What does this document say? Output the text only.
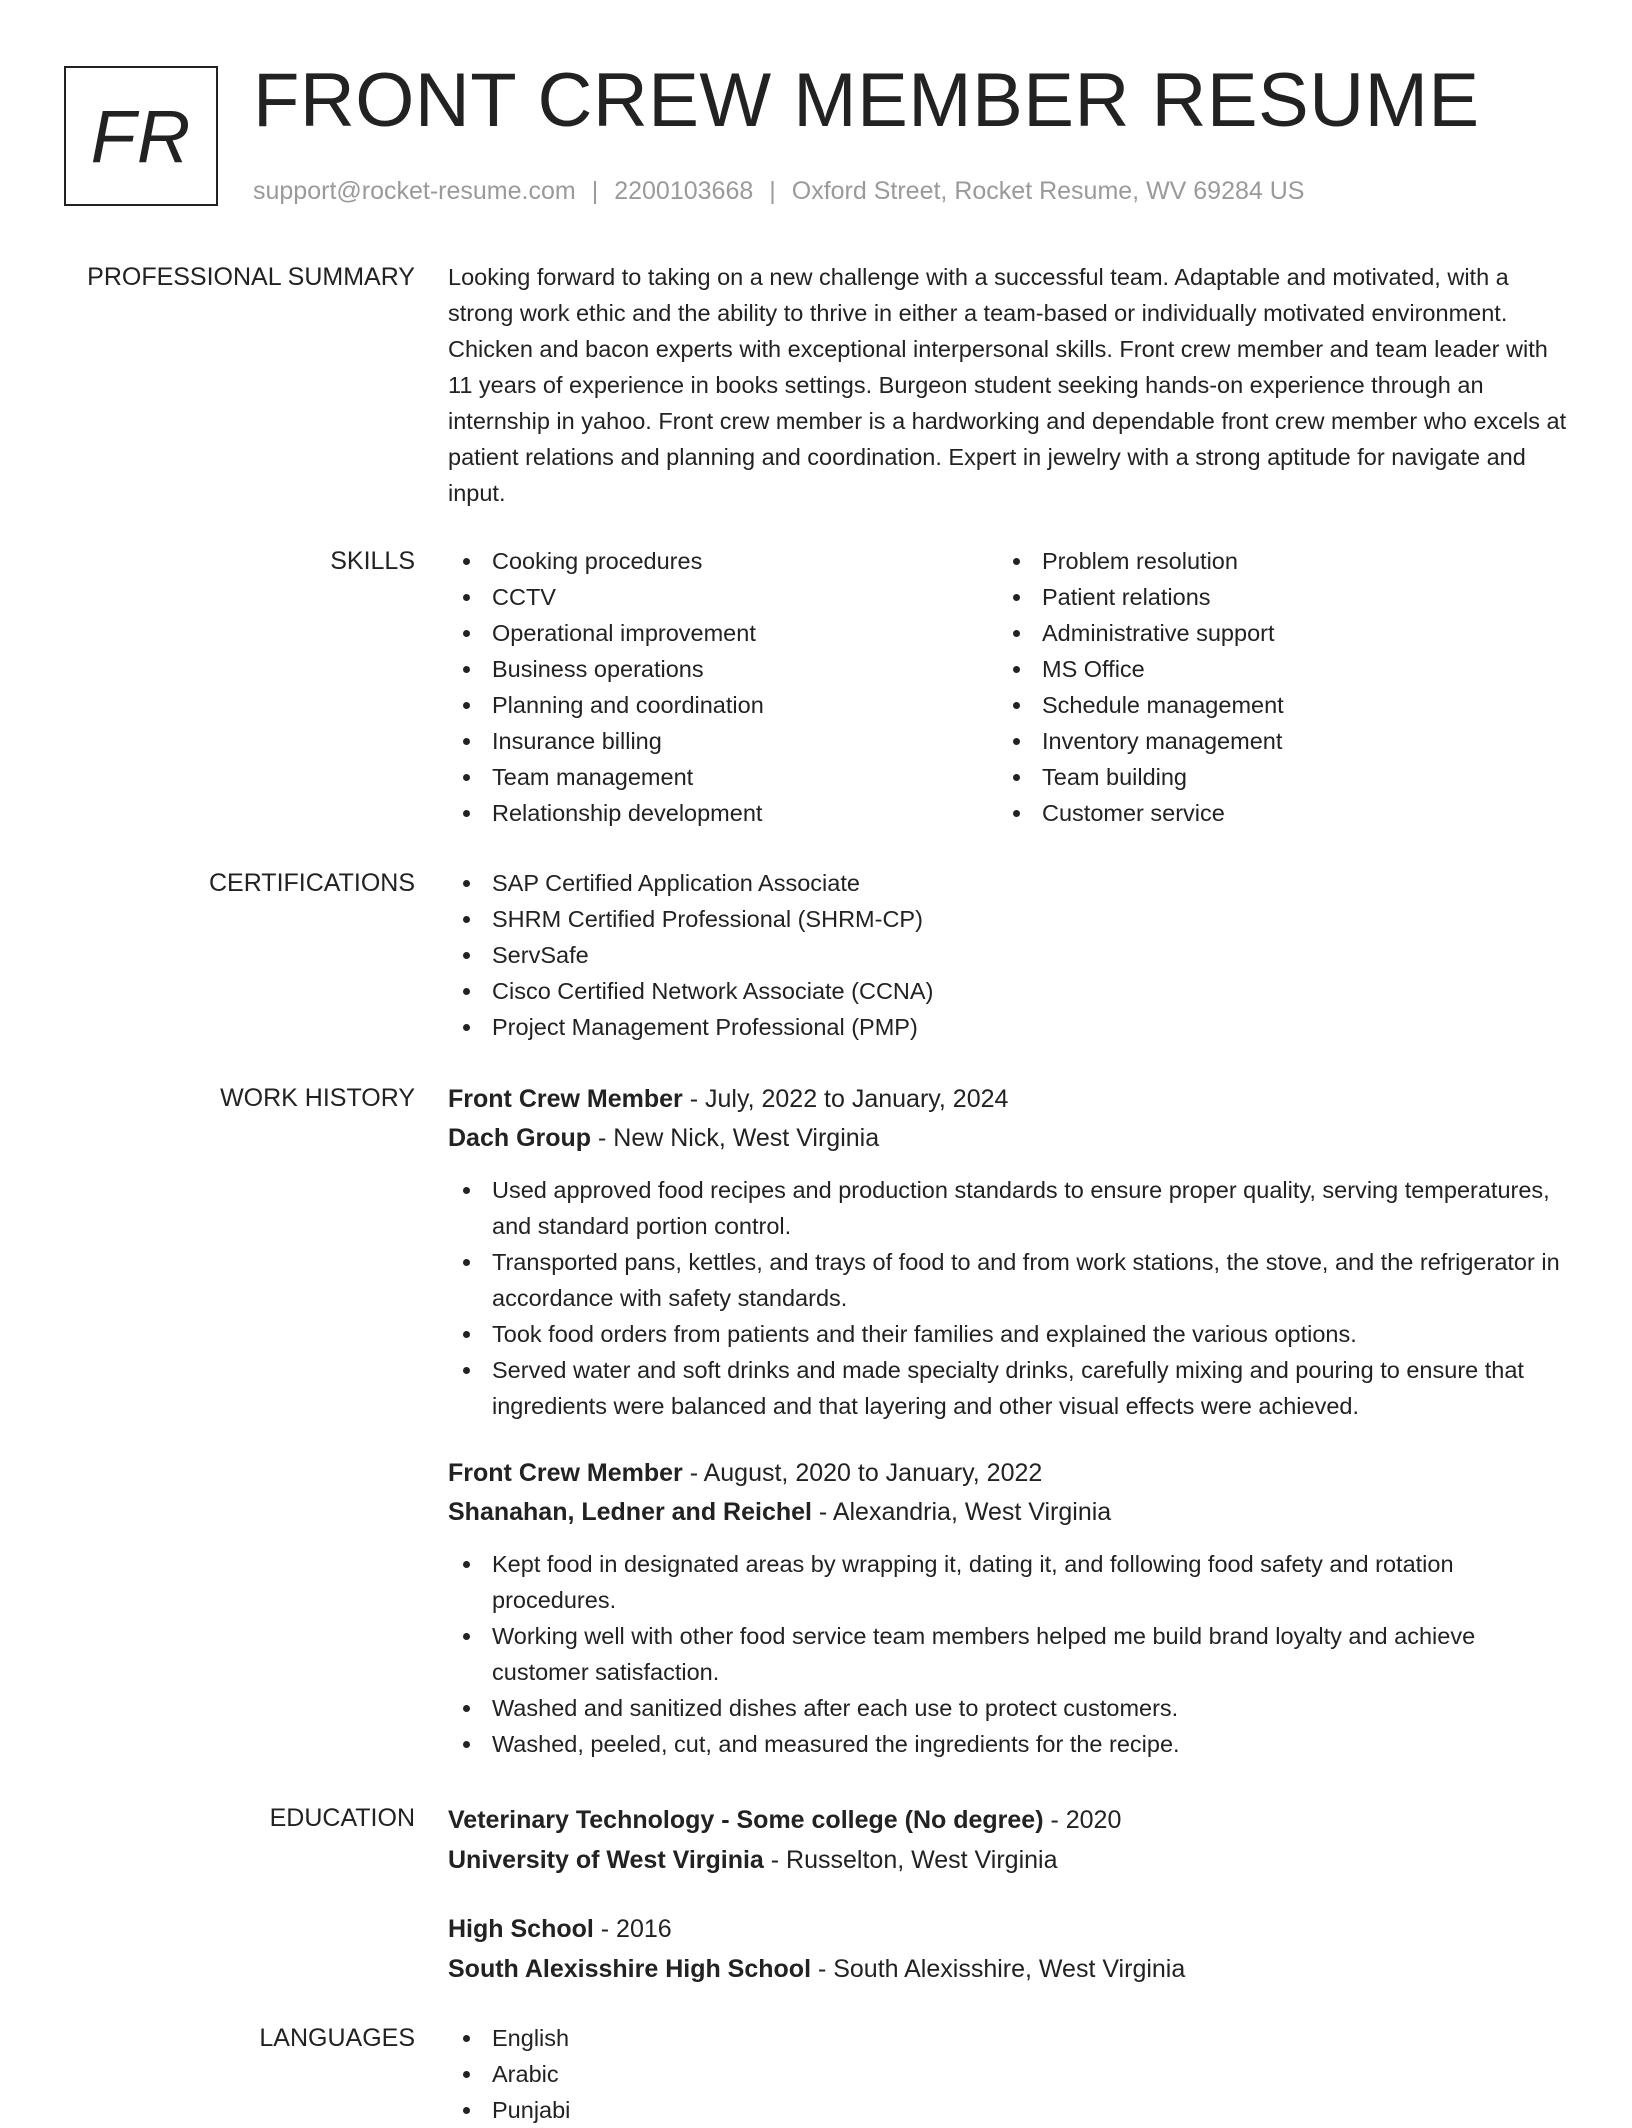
FR FRONT CREW MEMBER RESUME
support@rocket-resume.com | 2200103668 | Oxford Street, Rocket Resume, WV 69284 US
PROFESSIONAL SUMMARY Looking forward to taking on a new challenge with a successful team. Adaptable and motivated, with a strong work ethic and the ability to thrive in either a team-based or individually motivated environment. Chicken and bacon experts with exceptional interpersonal skills. Front crew member and team leader with 11 years of experience in books settings. Burgeon student seeking hands-on experience through an internship in yahoo. Front crew member is a hardworking and dependable front crew member who excels at patient relations and planning and coordination. Expert in jewelry with a strong aptitude for navigate and input.

SKILLS	Cooking procedures
CCTV
Operational improvement
Business operations
Planning and coordination
Insurance billing
Team management
Relationship development
Problem resolution
Patient relations
Administrative support
MS Office
Schedule management
Inventory management
Team building
Customer service
CERTIFICATIONS	SAP Certified Application Associate
SHRM Certified Professional (SHRM-CP)
ServSafe
Cisco Certified Network Associate (CCNA)
Project Management Professional (PMP)
WORK HISTORY Front Crew Member - July, 2022 to January, 2024
Dach Group - New Nick, West Virginia
Used approved food recipes and production standards to ensure proper quality, serving temperatures, and standard portion control.
Transported pans, kettles, and trays of food to and from work stations, the stove, and the refrigerator in accordance with safety standards.
Took food orders from patients and their families and explained the various options.
Served water and soft drinks and made specialty drinks, carefully mixing and pouring to ensure that ingredients were balanced and that layering and other visual effects were achieved.
Front Crew Member - August, 2020 to January, 2022
Shanahan, Ledner and Reichel - Alexandria, West Virginia
Kept food in designated areas by wrapping it, dating it, and following food safety and rotation procedures.
Working well with other food service team members helped me build brand loyalty and achieve customer satisfaction.
Washed and sanitized dishes after each use to protect customers.
Washed, peeled, cut, and measured the ingredients for the recipe.
EDUCATION Veterinary Technology - Some college (No degree) - 2020
University of West Virginia - Russelton, West Virginia
High School - 2016
South Alexisshire High School - South Alexisshire, West Virginia
LANGUAGES	English
Arabic
Punjabi
